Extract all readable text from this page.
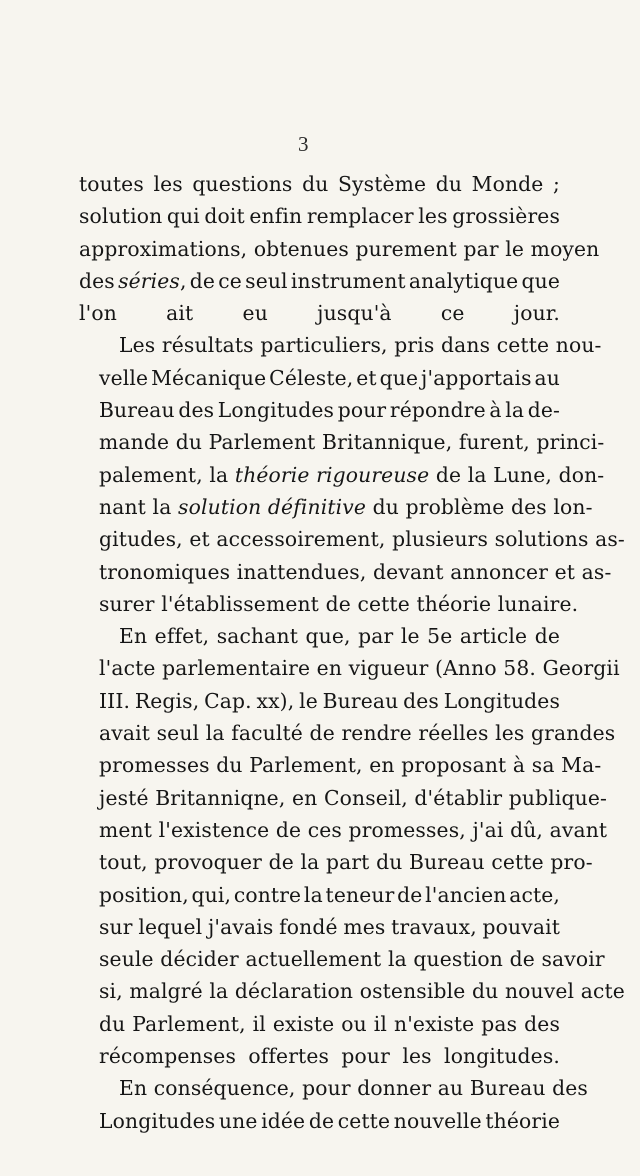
3

toutes les questions du Système du Monde ;
solution qui doit enfin remplacer les grossières
approximations, obtenues purement par le moyen
des séries, de ce seul instrument analytique que
l'on ait eu jusqu'à ce jour.

Les résultats particuliers, pris dans cette nou-
velle Mécanique Céleste, et que j'apportais au
Bureau des Longitudes pour répondre à la de-
mande du Parlement Britannique, furent, princi-
palement, la théorie rigoureuse de la Lune, don-
nant la solution définitive du problème des lon-
gitudes, et accessoirement, plusieurs solutions as-
tronomiques inattendues, devant annoncer et as-
surer l'établissement de cette théorie lunaire.

En effet, sachant que, par le 5e article de
l'acte parlementaire en vigueur (Anno 58. Georgii
III. Regis, Cap. xx), le Bureau des Longitudes
avait seul la faculté de rendre réelles les grandes
promesses du Parlement, en proposant à sa Ma-
jesté Britanniqne, en Conseil, d'établir publique-
ment l'existence de ces promesses, j'ai dû, avant
tout, provoquer de la part du Bureau cette pro-
position, qui, contre la teneur de l'ancien acte,
sur lequel j'avais fondé mes travaux, pouvait
seule décider actuellement la question de savoir
si, malgré la déclaration ostensible du nouvel acte
du Parlement, il existe ou il n'existe pas des
récompenses offertes pour les longitudes.

En conséquence, pour donner au Bureau des
Longitudes une idée de cette nouvelle théorie
